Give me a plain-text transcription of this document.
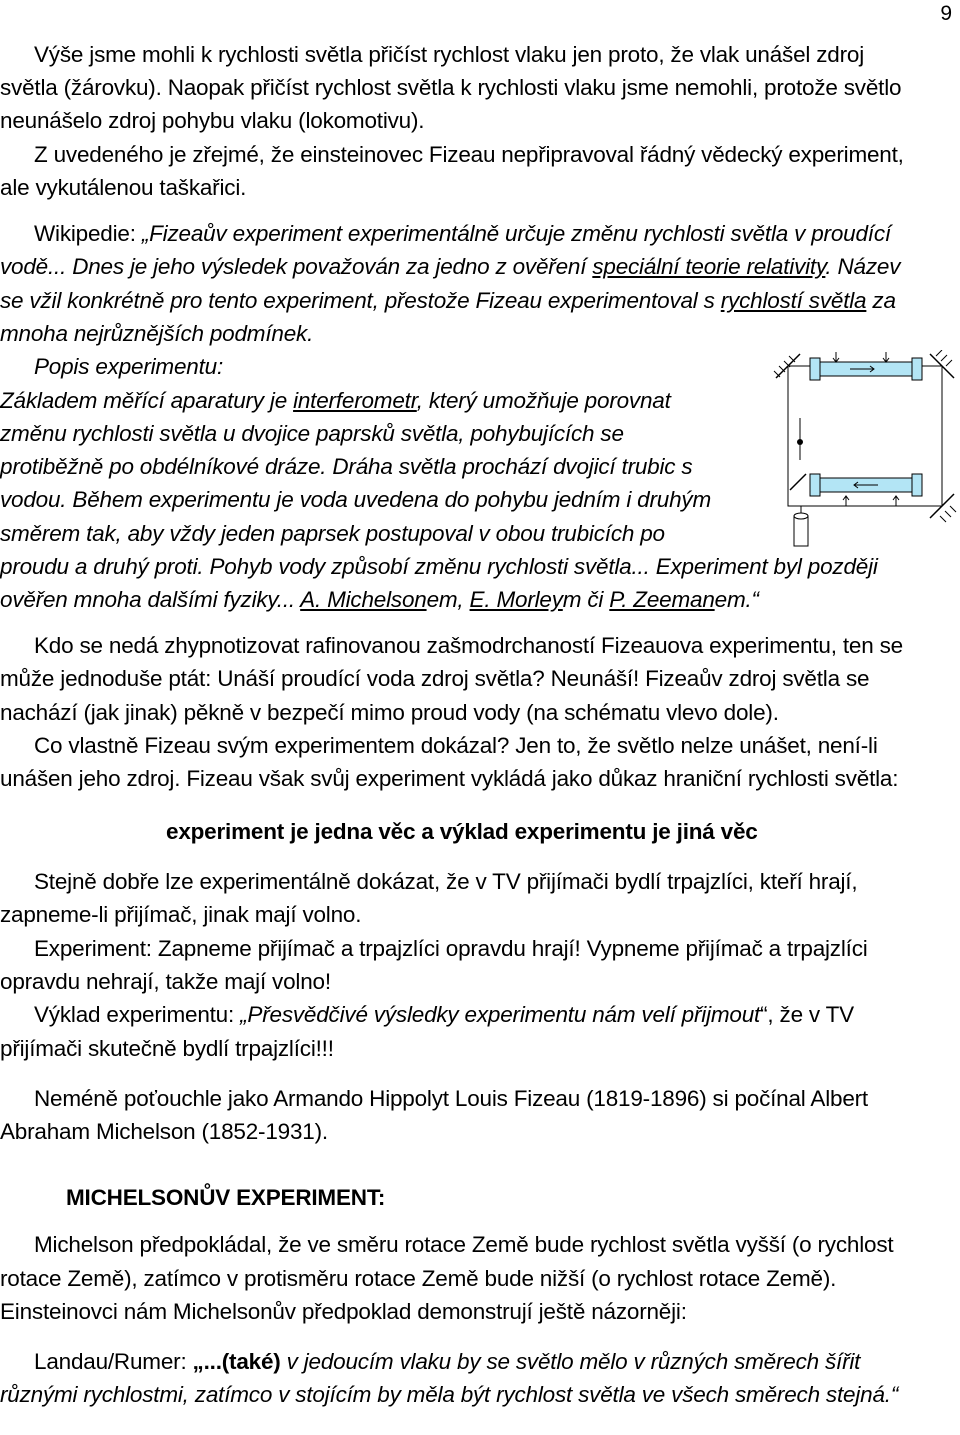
9
Výše jsme mohli k rychlosti světla přičíst rychlost vlaku jen proto, že vlak unášel zdroj
světla (žárovku). Naopak přičíst rychlost světla k rychlosti vlaku jsme nemohli, protože světlo
neunášelo zdroj pohybu vlaku (lokomotivu).
Z uvedeného je zřejmé, že einsteinovec Fizeau nepřipravoval řádný vědecký experiment,
ale vykutálenou taškařici.
Wikipedie: „Fizeaův experiment experimentálně určuje změnu rychlosti světla v proudící
vodě... Dnes je jeho výsledek považován za jedno z ověření speciální teorie relativity. Název
se vžil konkrétně pro tento experiment, přestože Fizeau experimentoval s rychlostí světla za
mnoha nejrůznějších podmínek.
Popis experimentu:
Základem měřící aparatury je interferometr, který umožňuje porovnat
změnu rychlosti světla u dvojice paprsků světla, pohybujících se
protiběžně po obdélníkové dráze. Dráha světla prochází dvojicí trubic s
vodou. Během experimentu je voda uvedena do pohybu jedním i druhým
směrem tak, aby vždy jeden paprsek postupoval v obou trubicích po
proudu a druhý proti. Pohyb vody způsobí změnu rychlosti světla... Experiment byl později
ověřen mnoha dalšími fyziky... A. Michelsonem, E. Morleym či P. Zeemanem.“
Kdo se nedá zhypnotizovat rafinovanou zašmodrchaností Fizeauova experimentu, ten se
může jednoduše ptát: Unáší proudící voda zdroj světla? Neunáší! Fizeaův zdroj světla se
nachází (jak jinak) pěkně v bezpečí mimo proud vody (na schématu vlevo dole).
Co vlastně Fizeau svým experimentem dokázal? Jen to, že světlo nelze unášet, není-li
unášen jeho zdroj. Fizeau však svůj experiment vykládá jako důkaz hraniční rychlosti světla:
experiment je jedna věc a výklad experimentu je jiná věc
Stejně dobře lze experimentálně dokázat, že v TV přijímači bydlí trpajzlíci, kteří hrají,
zapneme-li přijímač, jinak mají volno.
Experiment: Zapneme přijímač a trpajzlíci opravdu hrají! Vypneme přijímač a trpajzlíci
opravdu nehrají, takže mají volno!
Výklad experimentu: „Přesvědčivé výsledky experimentu nám velí přijmout“, že v TV
přijímači skutečně bydlí trpajzlíci!!!
Neméně poťouchle jako Armando Hippolyt Louis Fizeau (1819-1896) si počínal Albert
Abraham Michelson (1852-1931).
MICHELSONŮV EXPERIMENT:
Michelson předpokládal, že ve směru rotace Země bude rychlost světla vyšší (o rychlost
rotace Země), zatímco v protisměru rotace Země bude nižší (o rychlost rotace Země).
Einsteinovci nám Michelsonův předpoklad demonstrují ještě názorněji:
Landau/Rumer: „...(také) v jedoucím vlaku by se světlo mělo v různých směrech šířit
různými rychlostmi, zatímco v stojícím by měla být rychlost světla ve všech směrech stejná.“
